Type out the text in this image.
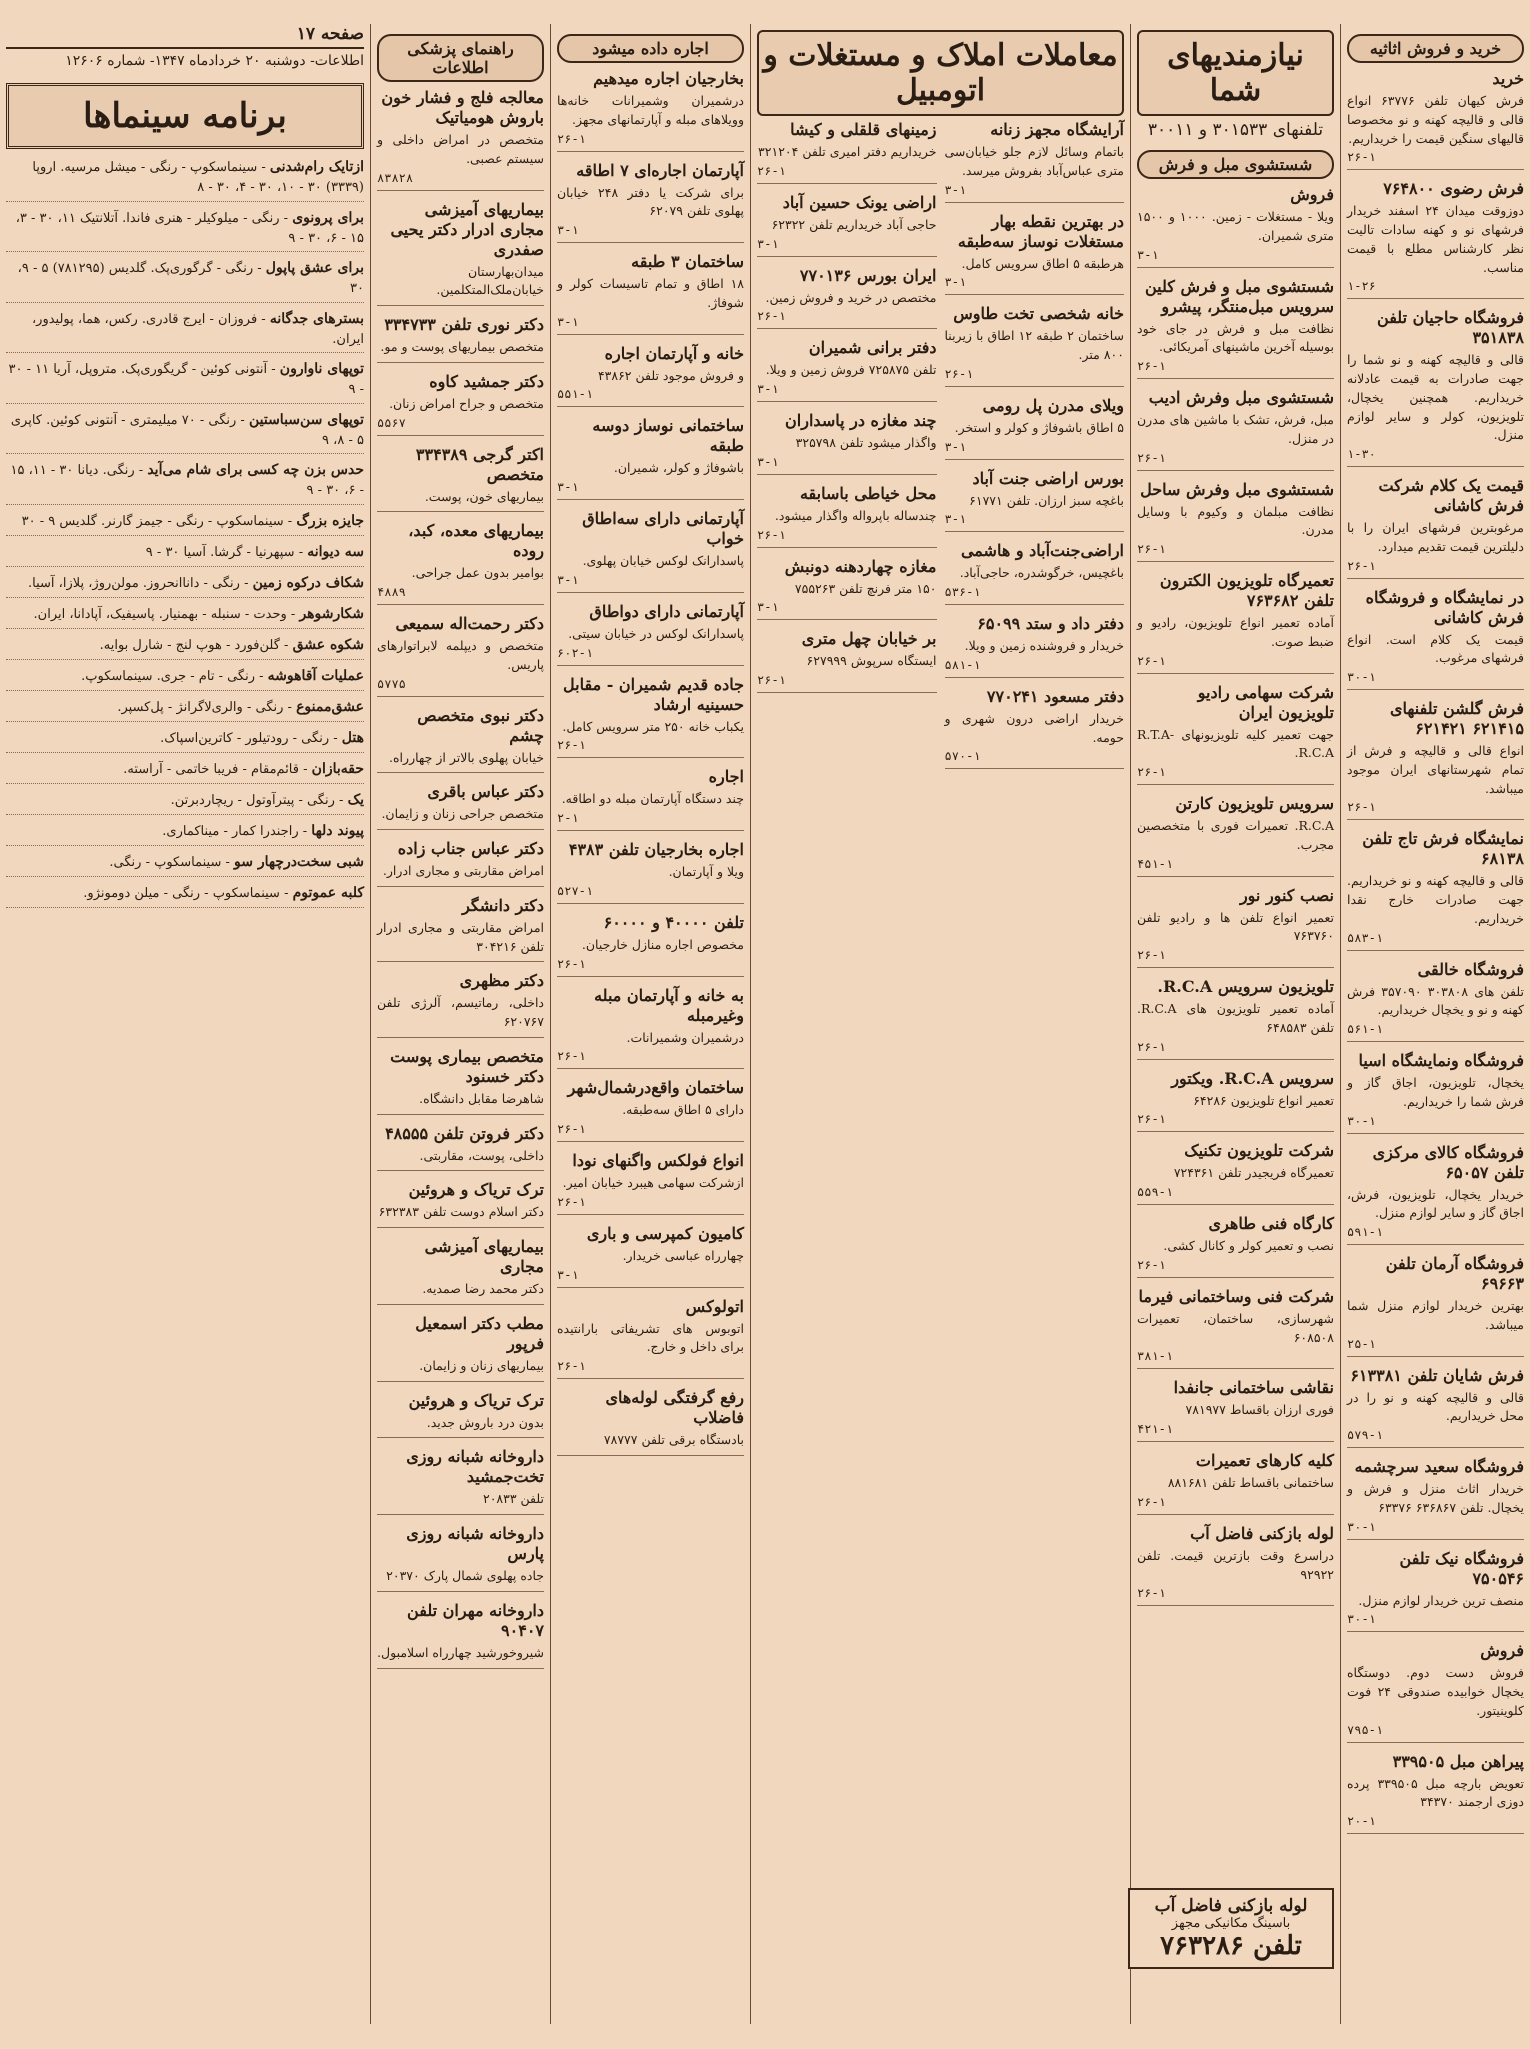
خرید و فروش اثاثیه
خرید

فرش کیهان تلفن ۶۳۷۷۶ انواع قالی و قالیچه کهنه و نو مخصوصا قالیهای سنگین قیمت را خریداریم.

۲۶-۱
فرش رضوی ۷۶۴۸۰۰

دوزوقت میدان ۲۴ اسفند خریدار فرشهای نو و کهنه سادات تالیت نظر کارشناس مطلع با قیمت مناسب.

۱-۲۶
فروشگاه حاجیان تلفن ۳۵۱۸۳۸

قالی و قالیچه کهنه و نو شما را جهت صادرات به قیمت عادلانه خریداریم. همچنین یخچال، تلویزیون، کولر و سایر لوازم منزل.

۱-۳۰
قیمت یک کلام شرکت فرش کاشانی

مرغوبترین فرشهای ایران را با دلیلترین قیمت تقدیم میدارد.

۲۶-۱
در نمایشگاه و فروشگاه فرش کاشانی

قیمت یک کلام است. انواع فرشهای مرغوب.

۳۰-۱
فرش گلشن تلفنهای ۶۲۱۴۱۵ ۶۲۱۴۲۱

انواع قالی و قالیچه و فرش از تمام شهرستانهای ایران موجود میباشد.

۲۶-۱
نمایشگاه فرش تاج تلفن ۶۸۱۳۸

قالی و قالیچه کهنه و نو خریداریم. جهت صادرات خارج نقدا خریداریم.

۵۸۳-۱
فروشگاه خالقی

تلفن های ۳۰۳۸۰۸ ۳۵۷۰۹۰ فرش کهنه و نو و یخچال خریداریم.

۵۶۱-۱
فروشگاه ونمایشگاه اسیا

یخچال، تلویزیون، اجاق گاز و فرش شما را خریداریم.

۳۰-۱
فروشگاه کالای مرکزی تلفن ۶۵۰۵۷

خریدار یخچال، تلویزیون، فرش، اجاق گاز و سایر لوازم منزل.

۵۹۱-۱
فروشگاه آرمان تلفن ۶۹۶۶۳

بهترین خریدار لوازم منزل شما میباشد.

۲۵-۱
فرش شایان تلفن ۶۱۳۳۸۱

قالی و قالیچه کهنه و نو را در محل خریداریم.

۵۷۹-۱
فروشگاه سعید سرچشمه

خریدار اثاث منزل و فرش و یخچال. تلفن ۶۳۶۸۶۷ ۶۳۳۷۶

۳۰-۱
فروشگاه نیک تلفن ۷۵۰۵۴۶

منصف ترین خریدار لوازم منزل.

۳۰-۱
فروش

فروش دست دوم. دوستگاه یخچال خوابیده صندوقی ۲۴ فوت کلوینیتور.

۷۹۵-۱
پیراهن مبل ۳۳۹۵۰۵

تعویض بارچه مبل ۳۳۹۵۰۵ پرده دوزی ارجمند ۳۴۳۷۰

۲۰-۱
نیازمندیهای شما
تلفنهای ۳۰۱۵۳۳ و ۳۰۰۱۱
شستشوی مبل و فرش
فروش

ویلا - مستغلات - زمین. ۱۰۰۰ و ۱۵۰۰ متری شمیران.

۳-۱
شستشوی مبل و فرش کلین سرویس مبل‌منتگر، پیشرو

نظافت مبل و فرش در جای خود بوسیله آخرین ماشینهای آمریکائی.

۲۶-۱
شستشوی مبل وفرش ادیب

مبل، فرش، تشک با ماشین های مدرن در منزل.

۲۶-۱
شستشوی مبل وفرش ساحل

نظافت مبلمان و وکیوم با وسایل مدرن.

۲۶-۱
تعمیرگاه تلویزیون الکترون تلفن ۷۶۳۶۸۲

آماده تعمیر انواع تلویزیون، رادیو و ضبط صوت.

۲۶-۱
شرکت سهامی رادیو تلویزیون ایران

جهت تعمیر کلیه تلویزیونهای R.T.A-R.C.A.

۲۶-۱
سرویس تلویزیون کارتن

R.C.A. تعمیرات فوری با متخصصین مجرب.

۴۵۱-۱
نصب کنور نور

تعمیر انواع تلفن ها و رادیو تلفن ۷۶۳۷۶۰

۲۶-۱
تلویزیون سرویس R.C.A.

آماده تعمیر تلویزیون های R.C.A. تلفن ۶۴۸۵۸۳

۲۶-۱
سرویس R.C.A. ویکتور

تعمیر انواع تلویزیون ۶۴۲۸۶

۲۶-۱
شرکت تلویزیون تکنیک

تعمیرگاه فریجیدر تلفن ۷۲۴۳۶۱

۵۵۹-۱
کارگاه فنی طاهری

نصب و تعمیر کولر و کانال کشی.

۲۶-۱
شرکت فنی وساختمانی فیرما

شهرسازی، ساختمان، تعمیرات ۶۰۸۵۰۸

۳۸۱-۱
نقاشی ساختمانی جانفدا

فوری ارزان باقساط ۷۸۱۹۷۷

۴۲۱-۱
کلیه کارهای تعمیرات

ساختمانی باقساط تلفن ۸۸۱۶۸۱

۲۶-۱
لوله بازکنی فاضل آب

دراسرع وقت بازترین قیمت. تلفن ۹۲۹۲۲

۲۶-۱
معاملات املاک و مستغلات و اتومبیل
آرایشگاه مجهز زنانه

باتمام وسائل لازم جلو خیابان‌سی متری عباس‌آباد بفروش میرسد.

۳-۱
در بهترین نقطه بهار مستغلات نوساز سه‌طبقه

هرطبقه ۵ اطاق سرویس کامل.

۳-۱
خانه شخصی تخت طاوس

ساختمان ۲ طبقه ۱۲ اطاق با زیربنا ۸۰۰ متر.

۲۶-۱
ویلای مدرن پل رومی

۵ اطاق باشوفاژ و کولر و استخر.

۳-۱
بورس اراضی جنت آباد

باغچه سبز ارزان. تلفن ۶۱۷۷۱

۳-۱
اراضی‌جنت‌آباد و هاشمی

باغچیس، خرگوشدره، حاجی‌آباد.

۵۳۶-۱
دفتر داد و ستد ۶۵۰۹۹

خریدار و فروشنده زمین و ویلا.

۵۸۱-۱
دفتر مسعود ۷۷۰۲۴۱

خریدار اراضی درون شهری و حومه.

۵۷۰-۱
زمینهای قلقلی و کیشا

خریداریم دفتر امیری تلفن ۳۲۱۲۰۴

۲۶-۱
اراضی یونک حسین آباد

حاجی آباد خریداریم تلفن ۶۲۳۲۲

۳-۱
ایران بورس ۷۷۰۱۳۶

مختصص در خرید و فروش زمین.

۲۶-۱
دفتر برانی شمیران

تلفن ۷۲۵۸۷۵ فروش زمین و ویلا.

۳-۱
چند مغازه در پاسداران

واگذار میشود تلفن ۳۲۵۷۹۸

۳-۱
محل خیاطی باسابقه

چندساله باپرواله واگذار میشود.

۲۶-۱
مغازه چهاردهنه دونبش

۱۵۰ متر فرنچ تلفن ۷۵۵۲۶۳

۳-۱
بر خیابان چهل متری

ایستگاه سرپوش ۶۲۷۹۹۹

۲۶-۱
اجاره داده میشود
بخارجیان اجاره میدهیم

درشمیران وشمیرانات خانه‌ها وویلاهای مبله و آپارتمانهای مجهز.

۲۶-۱
آپارتمان اجاره‌ای ۷ اطاقه

برای شرکت یا دفتر ۲۴۸ خیابان پهلوی تلفن ۶۲۰۷۹

۳-۱
ساختمان ۳ طبقه

۱۸ اطاق و تمام تاسیسات کولر و شوفاژ.

۳-۱
خانه و آپارتمان اجاره

و فروش موجود تلفن ۴۳۸۶۲

۵۵۱-۱
ساختمانی نوساز دوسه طبقه

باشوفاژ و کولر، شمیران.

۳-۱
آپارتمانی دارای سه‌اطاق خواب

پاسدارانک لوکس خیابان پهلوی.

۳-۱
آپارتمانی دارای دواطاق

پاسدارانک لوکس در خیابان سیتی.

۶۰۲-۱
جاده قدیم شمیران - مقابل حسینیه ارشاد

یکباب خانه ۲۵۰ متر سرویس کامل.

۲۶-۱
اجاره

چند دستگاه آپارتمان مبله دو اطاقه.

۲-۱
اجاره بخارجیان تلفن ۴۳۸۳

ویلا و آپارتمان.

۵۲۷-۱
تلفن ۴۰۰۰۰ و ۶۰۰۰۰

مخصوص اجاره منازل خارجیان.

۲۶-۱
به خانه و آپارتمان مبله وغیرمبله

درشمیران وشمیرانات.

۲۶-۱
ساختمان واقع‌درشمال‌شهر

دارای ۵ اطاق سه‌طبقه.

۲۶-۱
انواع فولکس واگنهای نودا

ازشرکت سهامی هیبرد خیابان امیر.

۲۶-۱
کامیون کمپرسی و باری

چهارراه عباسی خریدار.

۳-۱
اتولوکس

اتوبوس های تشریفاتی بارانتیده برای داخل و خارج.

۲۶-۱
رفع گرفتگی لوله‌های فاضلاب

بادستگاه برقی تلفن ۷۸۷۷۷

راهنمای پزشکی اطلاعات
معالجه فلج و فشار خون باروش هومیاتیک

متخصص در امراض داخلی و سیستم عصبی.

۸۳۸۲۸
بیماریهای آمیزشی مجاری ادرار دکتر یحیی صفدری

میدان‌بهارستان خیابان‌ملک‌المتکلمین.

دکتر نوری تلفن ۳۳۴۷۳۳

متخصص بیماریهای پوست و مو.

دکتر جمشید کاوه

متخصص و جراح امراض زنان.

۵۵۶۷
اکتر گرجی ۳۳۴۳۸۹ متخصص

بیماریهای خون، پوست.

بیماریهای معده، کبد، روده

بوامیر بدون عمل جراحی.

۴۸۸۹
دکتر رحمت‌اله سمیعی

متخصص و دیپلمه لابراتوارهای پاریس.

۵۷۷۵
دکتر نبوی متخصص چشم

خیابان پهلوی بالاتر از چهارراه.

دکتر عباس باقری

متخصص جراحی زنان و زایمان.

دکتر عباس جناب زاده

امراض مقاربتی و مجاری ادرار.

دکتر دانشگر

امراض مقاربتی و مجاری ادرار تلفن ۳۰۴۲۱۶

دکتر مظهری

داخلی، رماتیسم، آلرژی تلفن ۶۲۰۷۶۷

متخصص بیماری پوست دکتر خسنود

شاهرضا مقابل دانشگاه.

دکتر فروتن تلفن ۴۸۵۵۵

داخلی، پوست، مقاربتی.

ترک تریاک و هروئین

دکتر اسلام دوست تلفن ۶۳۲۳۸۳

بیماریهای آمیزشی مجاری

دکتر محمد رضا صمدیه.

مطب دکتر اسمعیل فرپور

بیماریهای زنان و زایمان.

ترک تریاک و هروئین

بدون درد باروش جدید.

داروخانه شبانه روزی تخت‌جمشید

تلفن ۲۰۸۳۳

داروخانه شبانه روزی پارس

جاده پهلوی شمال پارک ۲۰۳۷۰

داروخانه مهران تلفن ۹۰۴۰۷

شیروخورشید چهارراه اسلامبول.

صفحه ۱۷
اطلاعات- دوشنبه ۲۰ خردادماه ۱۳۴۷- شماره ۱۲۶۰۶
برنامه سینماها
ازتایک رام‌شدنی - سینماسکوپ - رنگی - میشل مرسیه. اروپا (۳۳۳۹) ۳۰ - ۱۰، ۳۰ - ۴، ۳۰ - ۸
برای پرونوی - رنگی - میلوکیلر - هنری فاندا. آتلانتیک ۱۱، ۳۰ - ۳، ۱۵ - ۶، ۳۰ - ۹
برای عشق پاپول - رنگی - گرگوری‌پک. گلدیس (۷۸۱۲۹۵) ۵ - ۹، ۳۰
بسترهای جدگانه - فروزان - ایرج قادری. رکس، هما، پولیدور، ایران.
توپهای ناوارون - آنتونی کوئین - گریگوری‌پک. متروپل، آریا ۱۱ - ۳۰ - ۹
توپهای سن‌سباستین - رنگی - ۷۰ میلیمتری - آنتونی کوئین. کاپری ۵ - ۸، ۹
حدس بزن چه کسی برای شام می‌آید - رنگی. دیانا ۳۰ - ۱۱، ۱۵ - ۶، ۳۰ - ۹
جایزه بزرگ - سینماسکوپ - رنگی - جیمز گارنر. گلدیس ۹ - ۳۰
سه دیوانه - سپهرنیا - گرشا. آسیا ۳۰ - ۹
شکاف درکوه زمین - رنگی - داناانحروز. مولن‌روژ، پلازا، آسیا.
شکارشوهر - وحدت - سنبله - بهمنیار. پاسیفیک، آپادانا، ایران.
شکوه عشق - گلن‌فورد - هوپ لنج - شارل بوایه.
عملیات آقاهوشه - رنگی - تام - جری. سینماسکوپ.
عشق‌ممنوع - رنگی - والری‌لاگرانژ - پل‌کسپر.
هتل - رنگی - رودتیلور - کاترین‌اسپاک.
حقه‌بازان - قائم‌مقام - فریبا خاتمی - آراسته.
یک - رنگی - پیترآوتول - ریچاردبرتن.
پیوند دلها - راجندرا کمار - میناکماری.
شبی سخت‌درچهار سو - سینماسکوپ - رنگی.
کلبه عموتوم - سینماسکوپ - رنگی - میلن دومونژو.
لوله بازکنی فاضل آب
باسینگ مکانیکی مجهز
تلفن ۷۶۳۲۸۶
